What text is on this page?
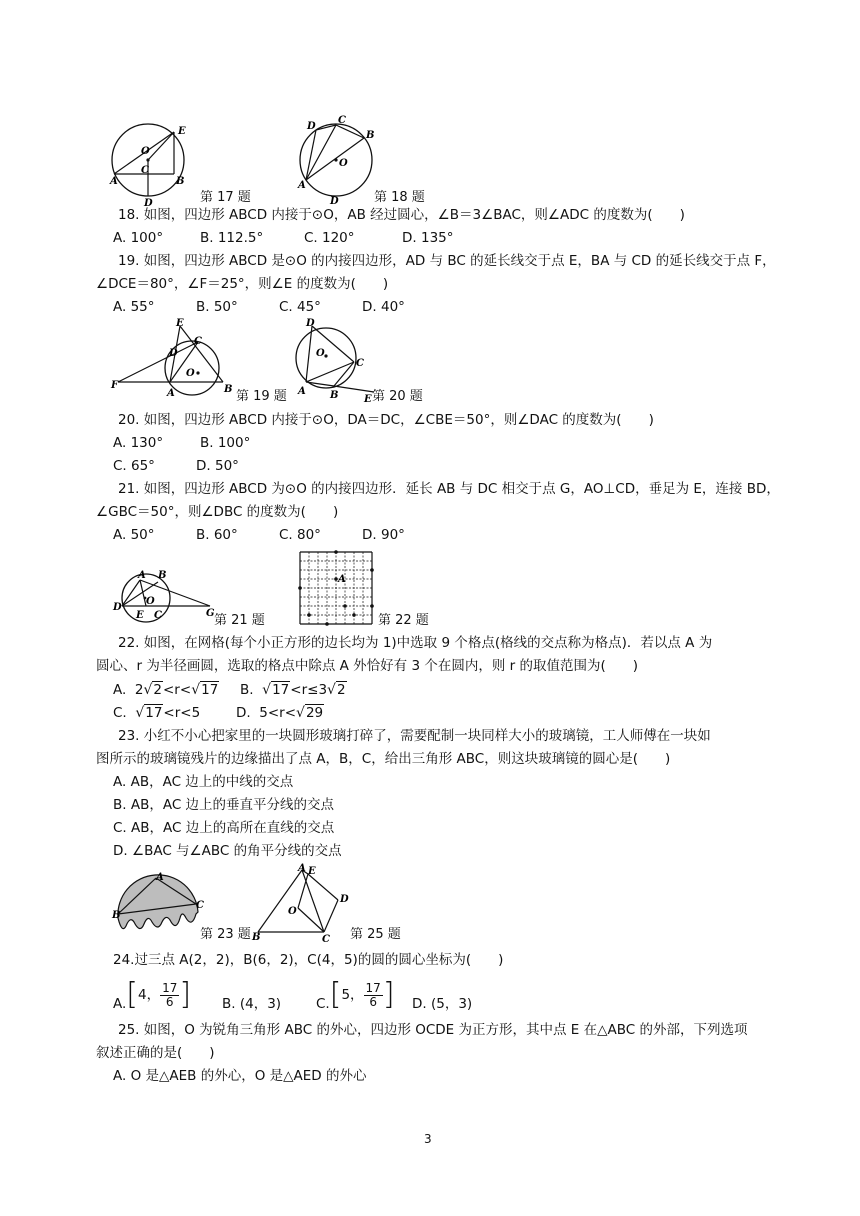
E
O
A
C
B
D	第 17 题
D
C
B
O
A
D	第 18 题
18. 如图，四边形 ABCD 内接于⊙O，AB 经过圆心，∠B＝3∠BAC，则∠ADC 的度数为(　　)
A. 100°	B. 112.5°	C. 120°	D. 135°
19. 如图，四边形 ABCD 是⊙O 的内接四边形，AD 与 BC 的延长线交于点 E，BA 与 CD 的延长线交于点 F，
∠DCE＝80°，∠F＝25°，则∠E 的度数为(　　)
A. 55°	B. 50°	C. 45°	D. 40°
E
D
C
O
F
A	B 第 19 题
D
O
C
A B	E 第 20 题
20. 如图，四边形 ABCD 内接于⊙O，DA＝DC，∠CBE＝50°，则∠DAC 的度数为(　　)
A. 130°	B. 100°
C. 65°	D. 50°
21. 如图，四边形 ABCD 为⊙O 的内接四边形．延长 AB 与 DC 相交于点 G，AO⊥CD，垂足为 E，连接 BD，
∠GBC＝50°，则∠DBC 的度数为(　　)
A. 50°	B. 60°	C. 80°	D. 90°
A B
O
D
E C	G 第 21 题
A
第 22 题
22. 如图，在网格(每个小正方形的边长均为 1)中选取 9 个格点(格线的交点称为格点)．若以点 A 为
圆心、r 为半径画圆，选取的格点中除点 A 外恰好有 3 个在圆内，则 r 的取值范围为(　　)
A. 2√2<r<√17 B. √17<r≤3√2
C. √17<r<5	D. 5<r<√29
23. 小红不小心把家里的一块圆形玻璃打碎了，需要配制一块同样大小的玻璃镜，工人师傅在一块如
图所示的玻璃镜残片的边缘描出了点 A，B，C，给出三角形 ABC，则这块玻璃镜的圆心是(　　)
A. AB，AC 边上的中线的交点
B. AB，AC 边上的垂直平分线的交点
C. AB，AC 边上的高所在直线的交点
D. ∠BAC 与∠ABC 的角平分线的交点
A
B
C
第 23 题
A E
D
O
B	C 第 25 题
24.过三点 A(2，2)，B(6，2)，C(4，5)的圆的圆心坐标为(　　)
A. [ 4， $\frac{17}{6}$ ] B. (4，3)	C. [ 5， $\frac{17}{6}$ ] D. (5，3)
25. 如图，O 为锐角三角形 ABC 的外心，四边形 OCDE 为正方形，其中点 E 在△ABC 的外部，下列选项
叙述正确的是(　　)
A. O 是△AEB 的外心，O 是△AED 的外心
3
